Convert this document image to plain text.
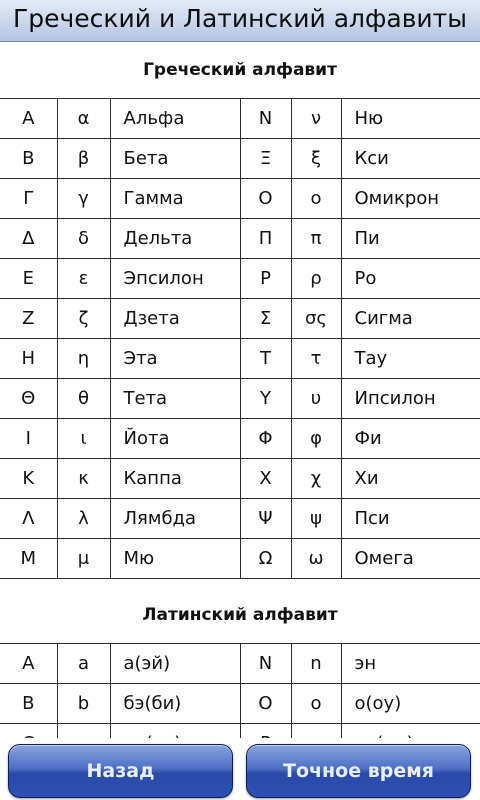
Греческий и Латинский алфавиты
Греческий алфавит
Α	α	Альфа	Ν	ν	Ню
Β	β	Бета	Ξ	ξ	Кси
Γ	γ	Гамма	Ο	ο	Омикрон
Δ	δ	Дельта	Π	π	Пи
Ε	ε	Эпсилон	Ρ	ρ	Ро
Ζ	ζ	Дзета	Σ	σς	Сигма
Η	η	Эта	Τ	τ	Тау
Θ	θ	Тета	Υ	υ	Ипсилон
Ι	ι	Йота	Φ	φ	Фи
Κ	κ	Каппа	Χ	χ	Хи
Λ	λ	Лямбда	Ψ	ψ	Пси
Μ	μ	Мю	Ω	ω	Омега
Латинский алфавит
A	a	а(эй)	N	n	эн
B	b	бэ(би)	O	o	о(оу)

Назад	Точное время
